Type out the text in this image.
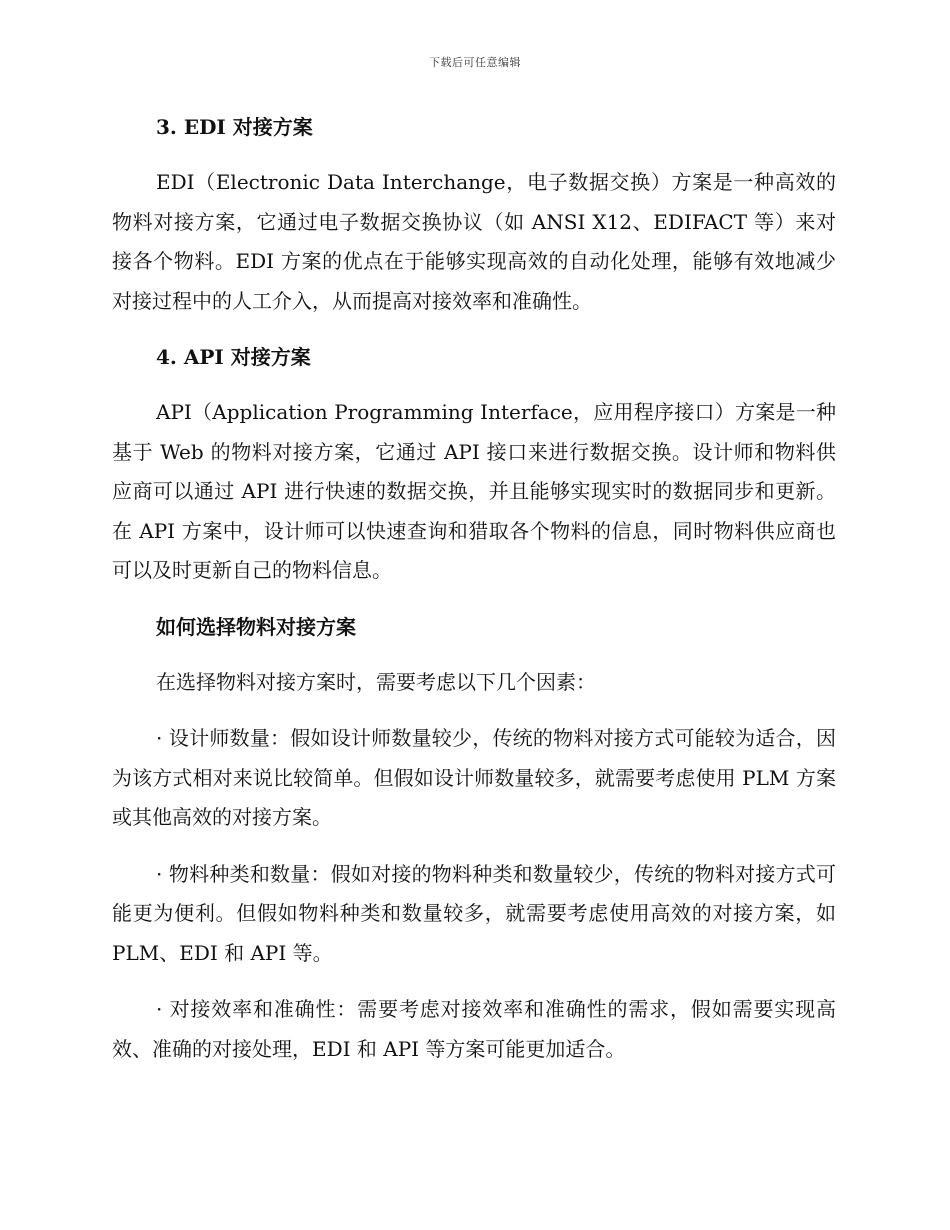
下载后可任意编辑
3. EDI 对接方案

EDI（Electronic Data Interchange，电子数据交换）方案是一种高效的物料对接方案，它通过电子数据交换协议（如 ANSI X12、EDIFACT 等）来对接各个物料。EDI 方案的优点在于能够实现高效的自动化处理，能够有效地减少对接过程中的人工介入，从而提高对接效率和准确性。

4. API 对接方案

API（Application Programming Interface，应用程序接口）方案是一种基于 Web 的物料对接方案，它通过 API 接口来进行数据交换。设计师和物料供应商可以通过 API 进行快速的数据交换，并且能够实现实时的数据同步和更新。在 API 方案中，设计师可以快速查询和猎取各个物料的信息，同时物料供应商也可以及时更新自己的物料信息。

如何选择物料对接方案

在选择物料对接方案时，需要考虑以下几个因素：

· 设计师数量：假如设计师数量较少，传统的物料对接方式可能较为适合，因为该方式相对来说比较简单。但假如设计师数量较多，就需要考虑使用 PLM 方案或其他高效的对接方案。

· 物料种类和数量：假如对接的物料种类和数量较少，传统的物料对接方式可能更为便利。但假如物料种类和数量较多，就需要考虑使用高效的对接方案，如 PLM、EDI 和 API 等。

· 对接效率和准确性：需要考虑对接效率和准确性的需求，假如需要实现高效、准确的对接处理，EDI 和 API 等方案可能更加适合。
